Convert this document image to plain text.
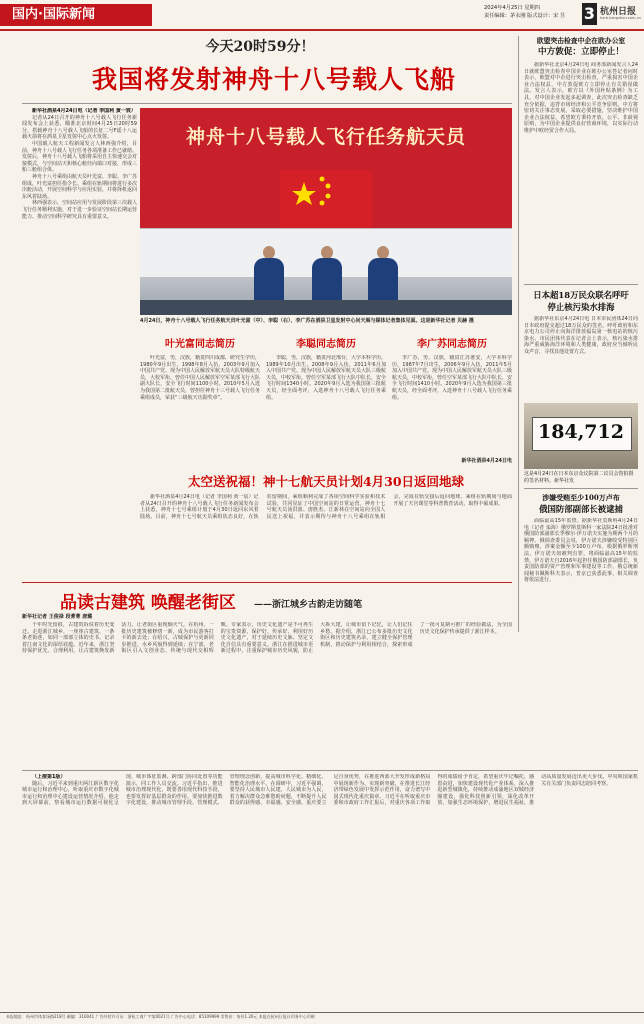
国内·国际新闻	2024年4月25日 星期四
责任编辑：茅永刚 版式设计：宋 昱 3 杭州日报
hzrb.hangzhou.com.cn
今天20时59分！
我国将发射神舟十八号载人飞船

新华社酒泉4月24日电（记者 李国利 黄一宸）

记者从24日召开的神舟十八号载人飞行任务新闻发布会上获悉，瞄准北京时间4月25日20时59分，搭载神舟十八号载人飞船的长征二号F遥十八运载火箭将在酒泉卫星发射中心点火发射。

中国载人航天工程新闻发言人林西强介绍，目前，神舟十八号载人飞行任务各项准备工作已就绪。发射后，神舟十八号载人飞船将采用自主快速交会对接模式，与空间站天和核心舱径向端口对接，形成三船三舱组合体。

神舟十八号乘组由航天员叶光富、李聪、李广苏组成，叶光富担任指令长。乘组在轨期间将进行多次出舱活动，开展空间科学与应用实验，并将择机返回东风着陆场。

林西强表示，空间站应用与发展阶段第三次载人飞行任务顺利实施，对于进一步验证空间站长期运营能力、推动空间科学研究具有重要意义。

神舟十八号载人飞行任务航天员
4月24日，神舟十八号载人飞行任务航天员叶光富（中）、李聪（右）、李广苏在酒泉卫星发射中心问天阁与媒体记者集体见面。这是新华社记者 贝赫 摄
叶光富同志简历
叶光富，男，汉族，籍贯四川成都，研究生学历，1980年9月出生，1998年8月入伍，2003年9月加入中国共产党。现为中国人民解放军航天员大队特级航天员，大校军衔。曾任中国人民解放军空军某部飞行大队副大队长，安全飞行时间1100小时。2010年5月入选为我国第二批航天员，曾担任神舟十三号载人飞行任务乘组成员，荣获“三级航天功勋奖章”。
李聪同志简历
李聪，男，汉族，籍贯河北邢台，大学本科学历，1989年10月出生，2008年9月入伍，2011年6月加入中国共产党。现为中国人民解放军航天员大队三级航天员，中校军衔。曾任空军某部飞行大队中队长，安全飞行时间1340小时。2020年9月入选为我国第三批航天员，经全面考评，入选神舟十八号载人飞行任务乘组。
李广苏同志简历
李广苏，男，汉族，籍贯江苏淮安，大学本科学历，1987年7月出生，2006年9月入伍，2011年5月加入中国共产党。现为中国人民解放军航天员大队三级航天员，中校军衔。曾任空军某部飞行大队中队长，安全飞行时间1410小时。2020年9月入选为我国第三批航天员，经全面考评，入选神舟十八号载人飞行任务乘组。
新华社酒泉4月24日电
太空送祝福！神十七航天员计划4月30日返回地球
新华社酒泉4月24日电（记者 李国利 黄一宸）记者从24日召开的神舟十八号载人飞行任务新闻发布会上获悉，神舟十七号乘组计划于4月30日返回东风着陆场。目前，神舟十七号航天员乘组状态良好，在轨驻留期间，乘组顺利完成了各项空间科学实验和技术试验，共同见证了中国空间站的日常运营。神舟十七号航天员汤洪波、唐胜杰、江新林在空间站向全国人民送上祝福，并表示期待与神舟十八号乘组在轨相会，完成在轨交接后返回地球。乘组在轨期间与地面开展了天宫课堂等科普教育活动，取得丰硕成果。
欧盟突击检查中企在欧办公室
中方敦促：立即停止！
据新华社北京4月24日电 商务部新闻发言人24日就欧盟突击检查中国企业在欧办公室答记者问时表示，欧盟对中企进行突击检查，严重损害中国企业合法权益，中方敦促欧方立即停止有关错误做法。发言人表示，欧方以《外国补贴条例》为工具，对中国企业发起多起调查，此次突击检查缺乏充分依据，违背市场经济和公平竞争原则。中方将密切关注事态发展，采取必要措施，坚决维护中国企业合法权益。希望欧方秉持开放、公平、非歧视原则，为中国企业提供良好营商环境，以实际行动维护中欧经贸合作大局。
日本超18万民众联名呼吁
停止核污染水排海
据新华社东京4月24日电 日本市民团体24日向日本政府提交超过18万民众的签名，呼吁政府和东京电力公司停止向海洋排放福岛第一核电站的核污染水。市民团体代表在记者会上表示，核污染水排海严重威胁海洋环境和人类健康，政府应当倾听民众声音，寻找其他处置方式。
184,712
这是4月24日在日本东京众议院第二议员会馆拍摄的签名材料。新华社发
涉嫌受贿至少100万卢布
俄国防部副部长被逮捕
面临最高15年监禁。据新华社莫斯科4月24日电（记者 栾海）俄罗斯莫斯科一家法院24日批准对俄国防部副部长季穆尔·伊万诺夫实施为期两个月的羁押。俄调查委员会说，伊万诺夫涉嫌收受特别巨额贿赂，涉案金额至少100万卢布。根据俄罗斯刑法，伊万诺夫如被判有罪，将面临最高15年的监禁。伊万诺夫自2016年起担任俄国防部副部长，负责国防部的资产管理和军事建设等工作。俄总统新闻秘书佩斯科夫表示，普京已获悉此事，相关调查将依法进行。
品读古建筑 唤醒老街区 ——浙江城乡古韵走访随笔
新华社记者 王俊禄 段菁菁 唐璐
千年时光留痕，古建筑诉说着历史变迁。走进浙江城乡，一座座古建筑、一条条老街巷，如同一部部立体的史书，记录着江南文化的深厚底蕴。近年来，浙江坚持保护优先、合理利用，让古建筑焕发新活力，让老街区重现烟火气。在杭州，一批历史建筑被修缮一新，成为市民游客打卡的新去处；在绍兴，古城保护与更新同步推进，水乡风貌得到延续；在宁波，老街区引入文创业态，传统与现代交相辉映。专家表示，历史文化遗产是不可再生的宝贵资源，保护好、传承好、利用好历史文化遗产，对于延续历史文脉、坚定文化自信具有重要意义。浙江在推进城市更新过程中，注重保护城市历史风貌，防止大拆大建，让城市留下记忆，让人们记住乡愁。据介绍，浙江已公布多批历史文化街区和历史建筑名录，建立健全保护管理机制，推动保护与利用相结合，探索形成了一批可复制可推广的经验做法，为全国历史文化保护传承提供了浙江样本。

（上接第1版）

随后，习近平来到重庆两江新区数字化城市运行和治理中心，听取重庆市数字化城市运行和治理中心建设运营情况介绍。他走到大屏幕前，察看城市运行数据可视化呈现、城市体征监测、跨部门协同处置等功能演示，同工作人员交流。习近平指出，推进城市治理现代化，既要善用现代科技手段，也要发挥好基层群众的作用。要加快推进数字化建设，推动城市管理手段、管理模式、管理理念创新，提高城市科学化、精细化、智能化治理水平。在调研中，习近平强调，要坚持人民城市人民建、人民城市为人民，着力解决群众急难愁盼问题，不断提升人民群众的获得感、幸福感、安全感。重庆要立足自身优势，在推进西部大开发形成新格局中展现新作为、实现新突破，在推进长江经济带绿色发展中发挥示范作用，奋力谱写中国式现代化重庆篇章。习近平在听取重庆市委和市政府工作汇报后，对重庆各项工作取得的成绩给予肯定，希望重庆牢记嘱托、感恩奋进，加快建设现代化产业体系，深入推进新型城镇化，持续推动成渝地区双城经济圈建设，强化科技创新引领，深化改革开放，加强生态环境保护，增进民生福祉，推动高质量发展迈出更大步伐。中央和国家机关有关部门负责同志陪同考察。

本报地址：杭州市体育场路218号 邮编：310041 广告经营许可证：浙杭工商广字第0021号 广告中心电话：85109999 零售价：每份1.20元 本报在杭州日报社印务中心印刷
